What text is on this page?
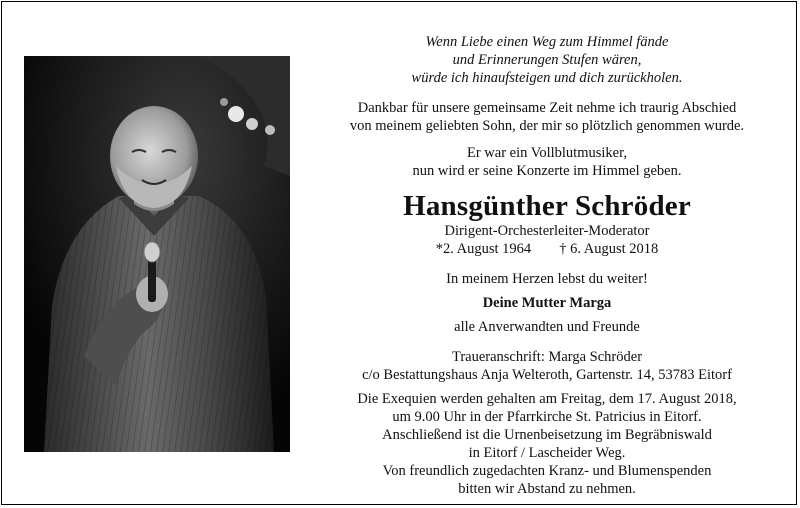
Wenn Liebe einen Weg zum Himmel fände

und Erinnerungen Stufen wären,

würde ich hinaufsteigen und dich zurückholen.

Dankbar für unsere gemeinsame Zeit nehme ich traurig Abschied

von meinem geliebten Sohn, der mir so plötzlich genommen wurde.

Er war ein Vollblutmusiker,

nun wird er seine Konzerte im Himmel geben.

Hansgünther Schröder

Dirigent-Orchesterleiter-Moderator

*2. August 1964 † 6. August 2018

In meinem Herzen lebst du weiter!

Deine Mutter Marga

alle Anverwandten und Freunde

Traueranschrift: Marga Schröder

c/o Bestattungshaus Anja Welteroth, Gartenstr. 14, 53783 Eitorf

Die Exequien werden gehalten am Freitag, dem 17. August 2018,

um 9.00 Uhr in der Pfarrkirche St. Patricius in Eitorf.

Anschließend ist die Urnenbeisetzung im Begräbniswald

in Eitorf / Lascheider Weg.

Von freundlich zugedachten Kranz- und Blumenspenden

bitten wir Abstand zu nehmen.
